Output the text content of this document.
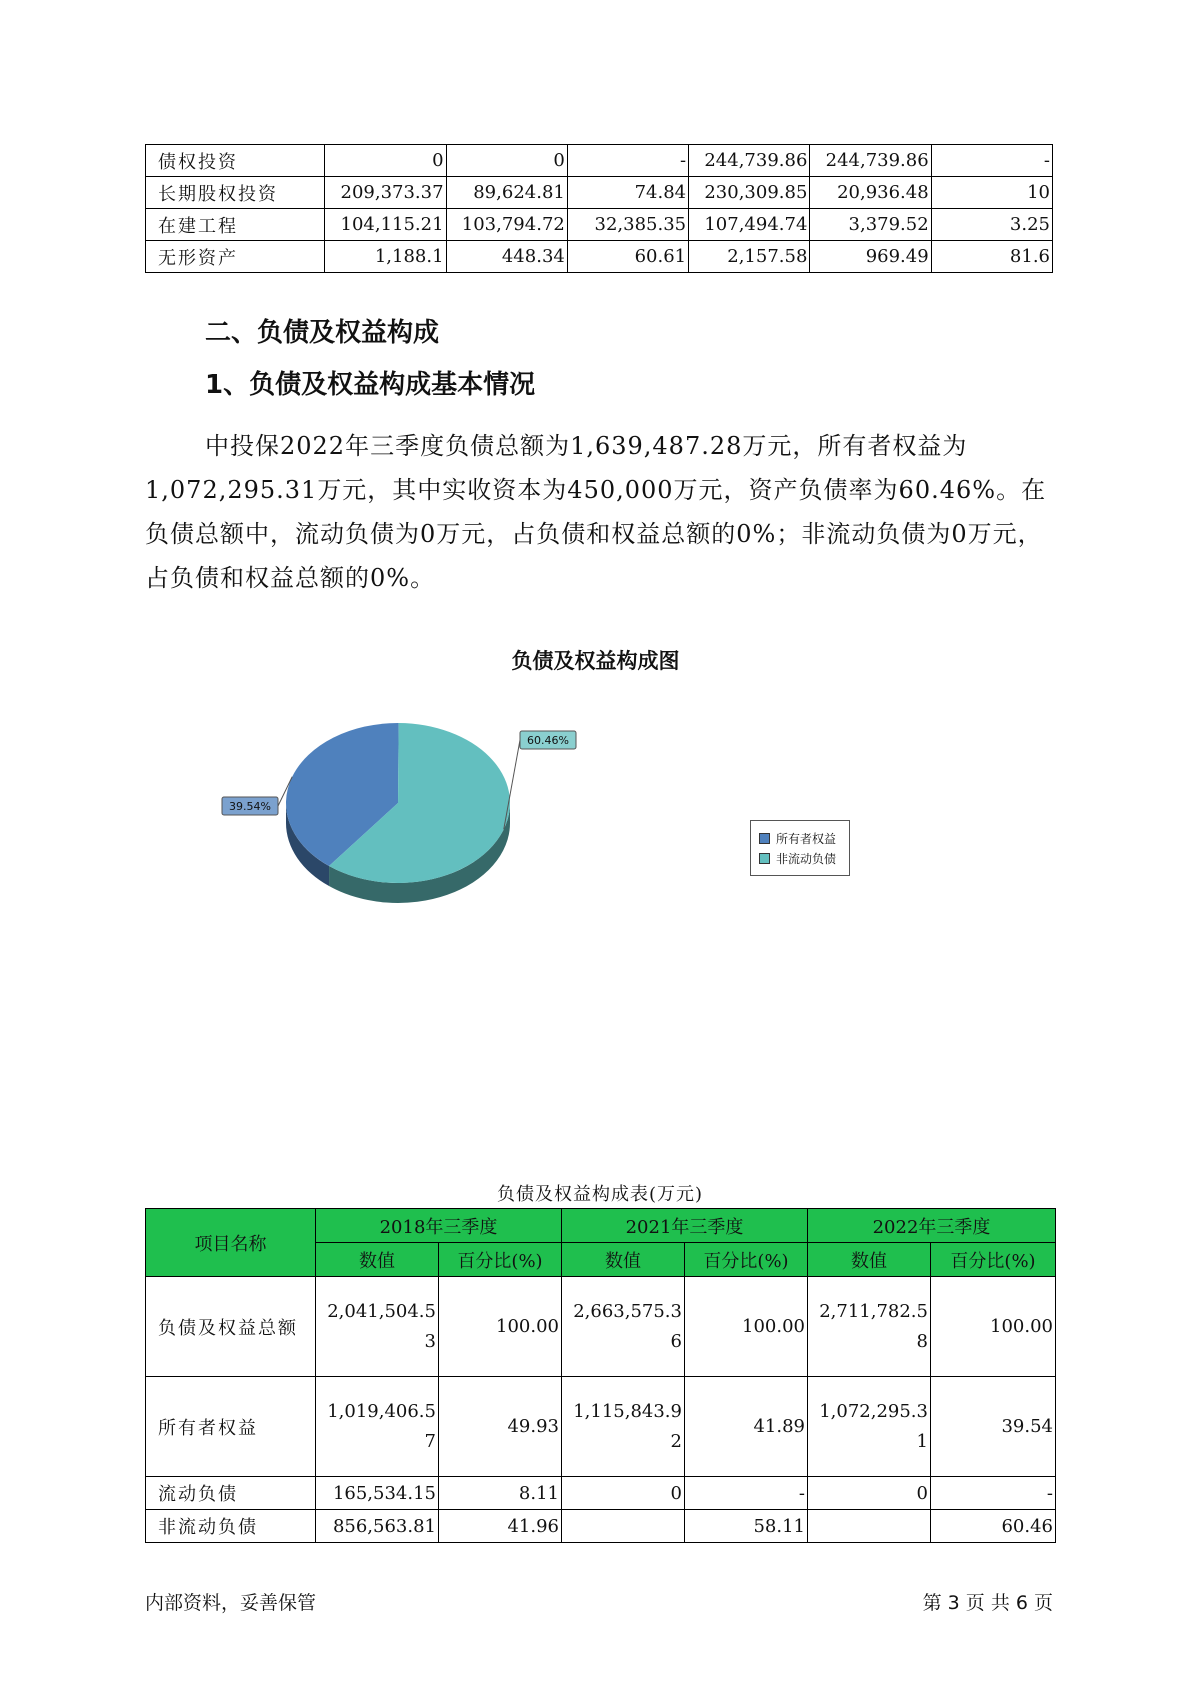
债权投资	0	0	-	244,739.86	244,739.86	-
长期股权投资	209,373.37	89,624.81	74.84	230,309.85	20,936.48	10
在建工程	104,115.21	103,794.72	32,385.35	107,494.74	3,379.52	3.25
无形资产	1,188.1	448.34	60.61	2,157.58	969.49	81.6
二、负债及权益构成
1、负债及权益构成基本情况

中投保2022年三季度负债总额为1,639,487.28万元，所有者权益为1,072,295.31万元，其中实收资本为450,000万元，资产负债率为60.46%。在负债总额中，流动负债为0万元，占负债和权益总额的0%；非流动负债为0万元，占负债和权益总额的0%。

负债及权益构成图
39.54%
60.46%
所有者权益
非流动负债
负债及权益构成表(万元)
项目名称	2018年三季度		2021年三季度		2022年三季度	
	数值	百分比(%)	数值	百分比(%)	数值	百分比(%)
负债及权益总额	2,041,504.53	100.00	2,663,575.36	100.00	2,711,782.58	100.00
所有者权益	1,019,406.57	49.93	1,115,843.92	41.89	1,072,295.31	39.54
流动负债	165,534.15	8.11	0	-	0	-
非流动负债	856,563.81	41.96		58.11		60.46
内部资料，妥善保管	第 3 页 共 6 页
